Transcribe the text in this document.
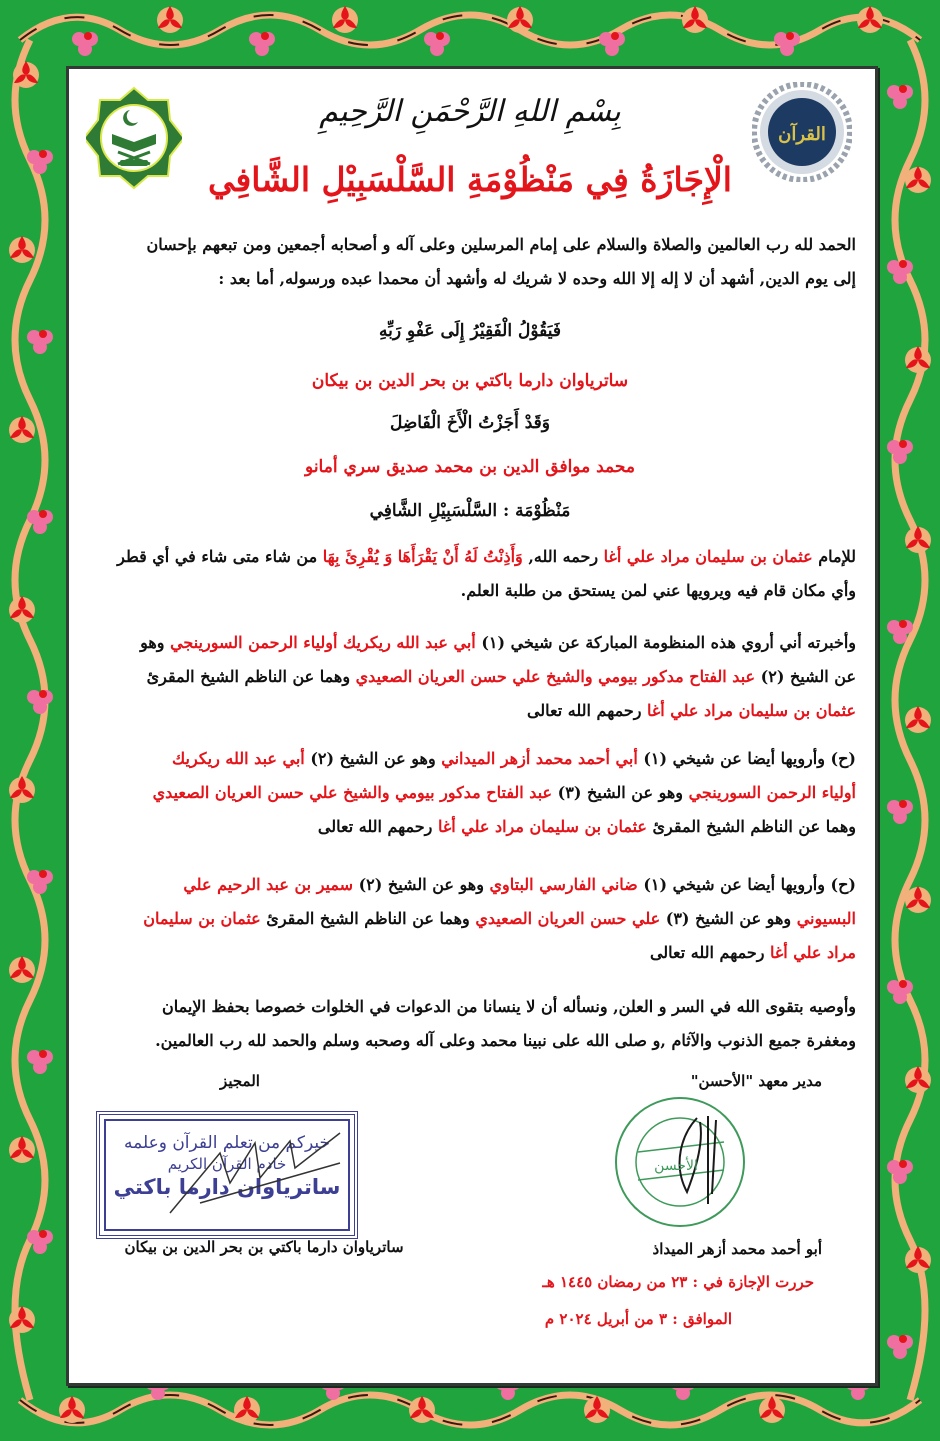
القرآن
بِسْمِ اللهِ الرَّحْمَنِ الرَّحِيمِ
الْإِجَازَةُ فِي مَنْظُوْمَةِ السَّلْسَبِيْلِ الشَّافِي
الحمد لله رب العالمين والصلاة والسلام على إمام المرسلين وعلى آله و أصحابه أجمعين ومن تبعهم بإحسان
إلى يوم الدين, أشهد أن لا إله إلا الله وحده لا شريك له وأشهد أن محمدا عبده ورسوله, أما بعد :
فَيَقُوْلُ الْفَقِيْرُ إِلَى عَفْوِ رَبِّهِ
ساترياوان دارما باكتي بن بحر الدين بن بيكان
وَقَدْ أَجَزْتُ الْأَخَ الْفَاضِلَ
محمد موافق الدين بن محمد صديق سري أمانو
مَنْظُوْمَة : السَّلْسَبِيْلِ الشَّافِي
للإمام عثمان بن سليمان مراد علي أغا رحمه الله, وَأَذِنْتُ لَهُ أَنْ يَقْرَأَهَا وَ يُقْرِئَ بِهَا من شاء متى شاء في أي قطر
وأي مكان قام فيه ويرويها عني لمن يستحق من طلبة العلم.
وأخبرته أني أروي هذه المنظومة المباركة عن شيخي (١) أبي عبد الله ريكريك أولياء الرحمن السورينجي وهو
عن الشيخ (٢) عبد الفتاح مدكور بيومي والشيخ علي حسن العريان الصعيدي وهما عن الناظم الشيخ المقرئ
عثمان بن سليمان مراد علي أغا رحمهم الله تعالى
(ح) وأرويها أيضا عن شيخي (١) أبي أحمد محمد أزهر الميداني وهو عن الشيخ (٢) أبي عبد الله ريكريك
أولياء الرحمن السورينجي وهو عن الشيخ (٣) عبد الفتاح مدكور بيومي والشيخ علي حسن العريان الصعيدي
وهما عن الناظم الشيخ المقرئ عثمان بن سليمان مراد علي أغا رحمهم الله تعالى
(ح) وأرويها أيضا عن شيخي (١) ضاني الفارسي البتاوي وهو عن الشيخ (٢) سمير بن عبد الرحيم علي
البسيوني وهو عن الشيخ (٣) علي حسن العريان الصعيدي وهما عن الناظم الشيخ المقرئ عثمان بن سليمان
مراد علي أغا رحمهم الله تعالى
وأوصيه بتقوى الله في السر و العلن, ونسأله أن لا ينسانا من الدعوات في الخلوات خصوصا بحفظ الإيمان
ومغفرة جميع الذنوب والآثام ,و صلى الله على نبينا محمد وعلى آله وصحبه وسلم والحمد لله رب العالمين.
مدير معهد "الأحسن"
المجيز
الأحسن
أبو أحمد محمد أزهر الميداذ
خيركم من تعلم القرآن وعلمه
خادم القرآن الكريم
ساترياوان دارما باكتي
ساترياوان دارما باكتي بن بحر الدين بن بيكان
حررت الإجازة في : ٢٣ من رمضان ١٤٤٥ هـ
الموافق : ٣ من أبريل ٢٠٢٤ م
